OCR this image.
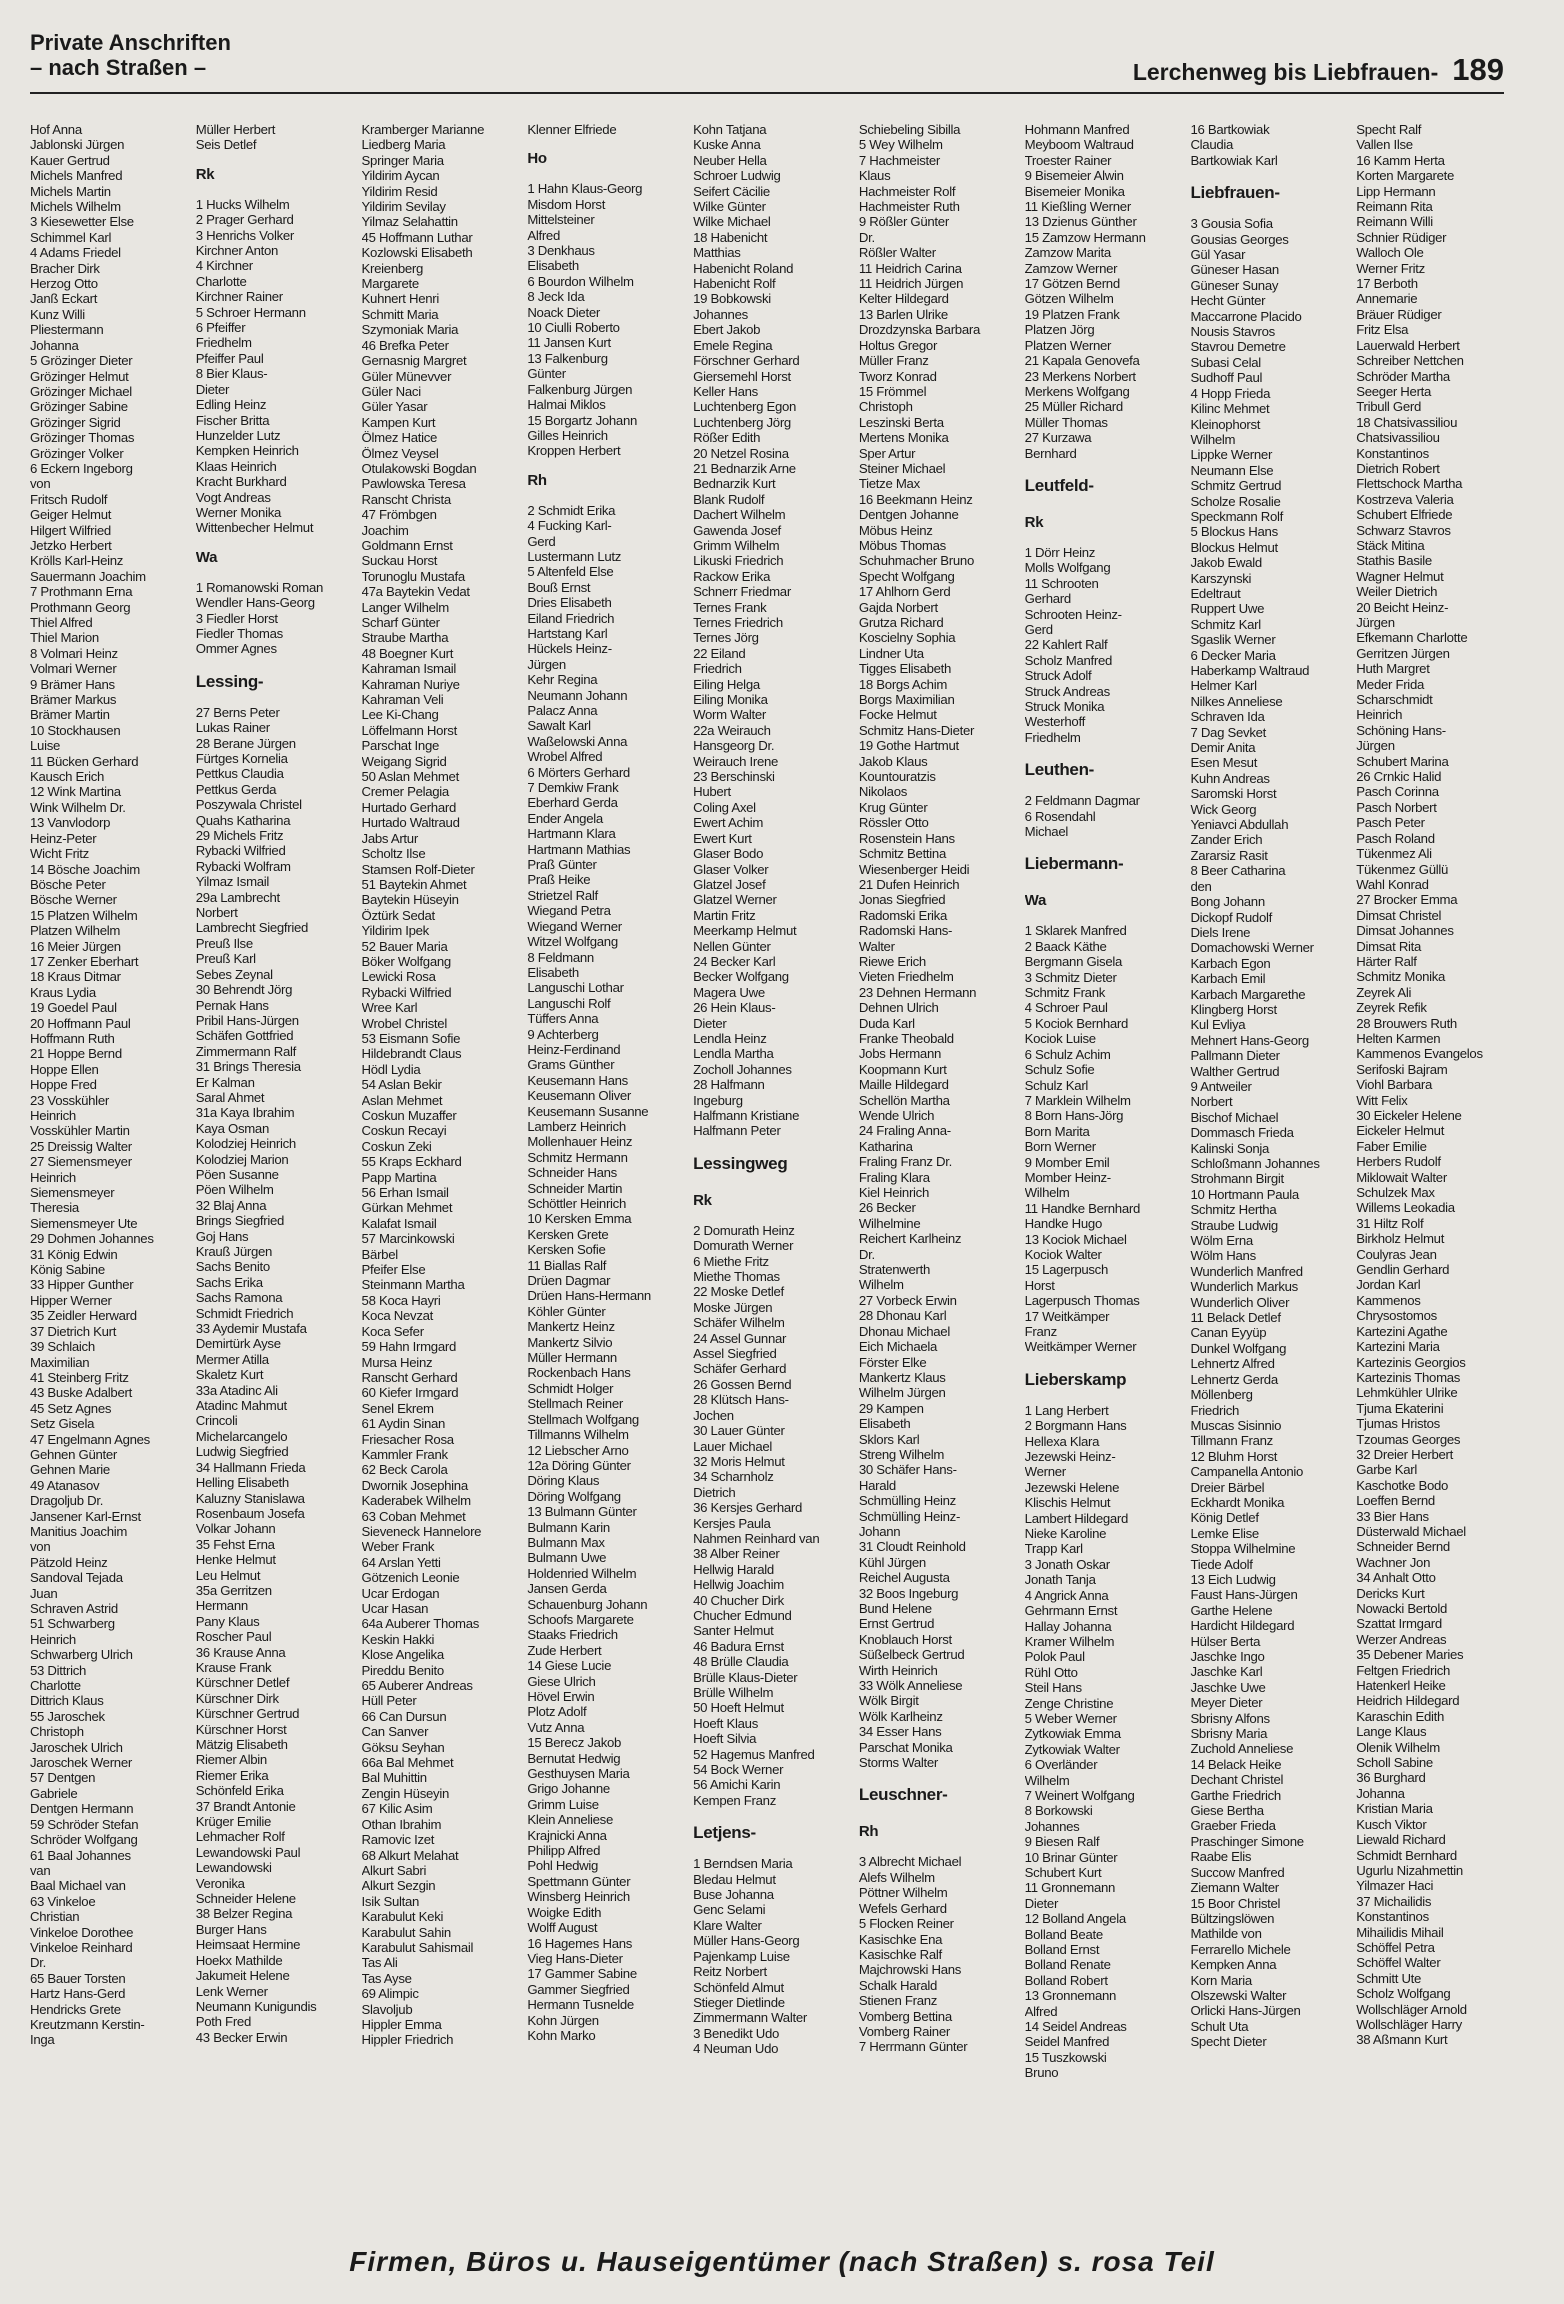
Private Anschriften
– nach Straßen –	Lerchenweg bis Liebfrauen- 189
Hof Anna
Jablonski Jürgen
Kauer Gertrud
Michels Manfred
Michels Martin
Michels Wilhelm
3 Kiesewetter Else
Schimmel Karl
4 Adams Friedel
Bracher Dirk
Herzog Otto
Janß Eckart
Kunz Willi
Pliestermann
Johanna
5 Grözinger Dieter
Grözinger Helmut
Grözinger Michael
Grözinger Sabine
Grözinger Sigrid
Grözinger Thomas
Grözinger Volker
6 Eckern Ingeborg
von
Fritsch Rudolf
Geiger Helmut
Hilgert Wilfried
Jetzko Herbert
Krölls Karl-Heinz
Sauermann Joachim
7 Prothmann Erna
Prothmann Georg
Thiel Alfred
Thiel Marion
8 Volmari Heinz
Volmari Werner
9 Brämer Hans
Brämer Markus
Brämer Martin
10 Stockhausen
Luise
11 Bücken Gerhard
Kausch Erich
12 Wink Martina
Wink Wilhelm Dr.
13 Vanvlodorp
Heinz-Peter
Wicht Fritz
14 Bösche Joachim
Bösche Peter
Bösche Werner
15 Platzen Wilhelm
Platzen Wilhelm
16 Meier Jürgen
17 Zenker Eberhart
18 Kraus Ditmar
Kraus Lydia
19 Goedel Paul
20 Hoffmann Paul
Hoffmann Ruth
21 Hoppe Bernd
Hoppe Ellen
Hoppe Fred
23 Vosskühler
Heinrich
Vosskühler Martin
25 Dreissig Walter
27 Siemensmeyer
Heinrich
Siemensmeyer
Theresia
Siemensmeyer Ute
29 Dohmen Johannes
31 König Edwin
König Sabine
33 Hipper Gunther
Hipper Werner
35 Zeidler Herward
37 Dietrich Kurt
39 Schlaich
Maximilian
41 Steinberg Fritz
43 Buske Adalbert
45 Setz Agnes
Setz Gisela
47 Engelmann Agnes
Gehnen Günter
Gehnen Marie
49 Atanasov
Dragoljub Dr.
Jansener Karl-Ernst
Manitius Joachim
von
Pätzold Heinz
Sandoval Tejada
Juan
Schraven Astrid
51 Schwarberg
Heinrich
Schwarberg Ulrich
53 Dittrich
Charlotte
Dittrich Klaus
55 Jaroschek
Christoph
Jaroschek Ulrich
Jaroschek Werner
57 Dentgen
Gabriele
Dentgen Hermann
59 Schröder Stefan
Schröder Wolfgang
61 Baal Johannes
van
Baal Michael van
63 Vinkeloe
Christian
Vinkeloe Dorothee
Vinkeloe Reinhard
Dr.
65 Bauer Torsten
Hartz Hans-Gerd
Hendricks Grete
Kreutzmann Kerstin-
Inga
Müller Herbert
Seis Detlef
Rk
1 Hucks Wilhelm
2 Prager Gerhard
3 Henrichs Volker
Kirchner Anton
4 Kirchner
Charlotte
Kirchner Rainer
5 Schroer Hermann
6 Pfeiffer
Friedhelm
Pfeiffer Paul
8 Bier Klaus-
Dieter
Edling Heinz
Fischer Britta
Hunzelder Lutz
Kempken Heinrich
Klaas Heinrich
Kracht Burkhard
Vogt Andreas
Werner Monika
Wittenbecher Helmut
Wa
1 Romanowski Roman
Wendler Hans-Georg
3 Fiedler Horst
Fiedler Thomas
Ommer Agnes
Lessing-
27 Berns Peter
Lukas Rainer
28 Berane Jürgen
Fürtges Kornelia
Pettkus Claudia
Pettkus Gerda
Poszywala Christel
Quahs Katharina
29 Michels Fritz
Rybacki Wilfried
Rybacki Wolfram
Yilmaz Ismail
29a Lambrecht
Norbert
Lambrecht Siegfried
Preuß Ilse
Preuß Karl
Sebes Zeynal
30 Behrendt Jörg
Pernak Hans
Pribil Hans-Jürgen
Schäfen Gottfried
Zimmermann Ralf
31 Brings Theresia
Er Kalman
Saral Ahmet
31a Kaya Ibrahim
Kaya Osman
Kolodziej Heinrich
Kolodziej Marion
Pöen Susanne
Pöen Wilhelm
32 Blaj Anna
Brings Siegfried
Goj Hans
Krauß Jürgen
Sachs Benito
Sachs Erika
Sachs Ramona
Schmidt Friedrich
33 Aydemir Mustafa
Demirtürk Ayse
Mermer Atilla
Skaletz Kurt
33a Atadinc Ali
Atadinc Mahmut
Crincoli
Michelarcangelo
Ludwig Siegfried
34 Hallmann Frieda
Helling Elisabeth
Kaluzny Stanislawa
Rosenbaum Josefa
Volkar Johann
35 Fehst Erna
Henke Helmut
Leu Helmut
35a Gerritzen
Hermann
Pany Klaus
Roscher Paul
36 Krause Anna
Krause Frank
Kürschner Detlef
Kürschner Dirk
Kürschner Gertrud
Kürschner Horst
Mätzig Elisabeth
Riemer Albin
Riemer Erika
Schönfeld Erika
37 Brandt Antonie
Krüger Emilie
Lehmacher Rolf
Lewandowski Paul
Lewandowski
Veronika
Schneider Helene
38 Belzer Regina
Burger Hans
Heimsaat Hermine
Hoekx Mathilde
Jakumeit Helene
Lenk Werner
Neumann Kunigundis
Poth Fred
43 Becker Erwin
Kramberger Marianne
Liedberg Maria
Springer Maria
Yildirim Aycan
Yildirim Resid
Yildirim Sevilay
Yilmaz Selahattin
45 Hoffmann Luthar
Kozlowski Elisabeth
Kreienberg
Margarete
Kuhnert Henri
Schmitt Maria
Szymoniak Maria
46 Brefka Peter
Gernasnig Margret
Güler Münevver
Güler Naci
Güler Yasar
Kampen Kurt
Ölmez Hatice
Ölmez Veysel
Otulakowski Bogdan
Pawlowska Teresa
Ranscht Christa
47 Frömbgen
Joachim
Goldmann Ernst
Suckau Horst
Torunoglu Mustafa
47a Baytekin Vedat
Langer Wilhelm
Scharf Günter
Straube Martha
48 Boegner Kurt
Kahraman Ismail
Kahraman Nuriye
Kahraman Veli
Lee Ki-Chang
Löffelmann Horst
Parschat Inge
Weigang Sigrid
50 Aslan Mehmet
Cremer Pelagia
Hurtado Gerhard
Hurtado Waltraud
Jabs Artur
Scholtz Ilse
Stamsen Rolf-Dieter
51 Baytekin Ahmet
Baytekin Hüseyin
Öztürk Sedat
Yildirim Ipek
52 Bauer Maria
Böker Wolfgang
Lewicki Rosa
Rybacki Wilfried
Wree Karl
Wrobel Christel
53 Eismann Sofie
Hildebrandt Claus
Hödl Lydia
54 Aslan Bekir
Aslan Mehmet
Coskun Muzaffer
Coskun Recayi
Coskun Zeki
55 Kraps Eckhard
Papp Martina
56 Erhan Ismail
Gürkan Mehmet
Kalafat Ismail
57 Marcinkowski
Bärbel
Pfeifer Else
Steinmann Martha
58 Koca Hayri
Koca Nevzat
Koca Sefer
59 Hahn Irmgard
Mursa Heinz
Ranscht Gerhard
60 Kiefer Irmgard
Senel Ekrem
61 Aydin Sinan
Friesacher Rosa
Kammler Frank
62 Beck Carola
Dwornik Josephina
Kaderabek Wilhelm
63 Coban Mehmet
Sieveneck Hannelore
Weber Frank
64 Arslan Yetti
Götzenich Leonie
Ucar Erdogan
Ucar Hasan
64a Auberer Thomas
Keskin Hakki
Klose Angelika
Pireddu Benito
65 Auberer Andreas
Hüll Peter
66 Can Dursun
Can Sanver
Göksu Seyhan
66a Bal Mehmet
Bal Muhittin
Zengin Hüseyin
67 Kilic Asim
Othan Ibrahim
Ramovic Izet
68 Alkurt Melahat
Alkurt Sabri
Alkurt Sezgin
Isik Sultan
Karabulut Keki
Karabulut Sahin
Karabulut Sahismail
Tas Ali
Tas Ayse
69 Alimpic
Slavoljub
Hippler Emma
Hippler Friedrich
Klenner Elfriede
Ho
1 Hahn Klaus-Georg
Misdom Horst
Mittelsteiner
Alfred
3 Denkhaus
Elisabeth
6 Bourdon Wilhelm
8 Jeck Ida
Noack Dieter
10 Ciulli Roberto
11 Jansen Kurt
13 Falkenburg
Günter
Falkenburg Jürgen
Halmai Miklos
15 Borgartz Johann
Gilles Heinrich
Kroppen Herbert
Rh
2 Schmidt Erika
4 Fucking Karl-
Gerd
Lustermann Lutz
5 Altenfeld Else
Bouß Ernst
Dries Elisabeth
Eiland Friedrich
Hartstang Karl
Hückels Heinz-
Jürgen
Kehr Regina
Neumann Johann
Palacz Anna
Sawalt Karl
Waßelowski Anna
Wrobel Alfred
6 Mörters Gerhard
7 Demkiw Frank
Eberhard Gerda
Ender Angela
Hartmann Klara
Hartmann Mathias
Praß Günter
Praß Heike
Strietzel Ralf
Wiegand Petra
Wiegand Werner
Witzel Wolfgang
8 Feldmann
Elisabeth
Languschi Lothar
Languschi Rolf
Tüffers Anna
9 Achterberg
Heinz-Ferdinand
Grams Günther
Keusemann Hans
Keusemann Oliver
Keusemann Susanne
Lamberz Heinrich
Mollenhauer Heinz
Schmitz Hermann
Schneider Hans
Schneider Martin
Schöttler Heinrich
10 Kersken Emma
Kersken Grete
Kersken Sofie
11 Biallas Ralf
Drüen Dagmar
Drüen Hans-Hermann
Köhler Günter
Mankertz Heinz
Mankertz Silvio
Müller Hermann
Rockenbach Hans
Schmidt Holger
Stellmach Reiner
Stellmach Wolfgang
Tillmanns Wilhelm
12 Liebscher Arno
12a Döring Günter
Döring Klaus
Döring Wolfgang
13 Bulmann Günter
Bulmann Karin
Bulmann Max
Bulmann Uwe
Holdenried Wilhelm
Jansen Gerda
Schauenburg Johann
Schoofs Margarete
Staaks Friedrich
Zude Herbert
14 Giese Lucie
Giese Ulrich
Hövel Erwin
Plotz Adolf
Vutz Anna
15 Berecz Jakob
Bernutat Hedwig
Gesthuysen Maria
Grigo Johanne
Grimm Luise
Klein Anneliese
Krajnicki Anna
Philipp Alfred
Pohl Hedwig
Spettmann Günter
Winsberg Heinrich
Woigke Edith
Wolff August
16 Hagemes Hans
Vieg Hans-Dieter
17 Gammer Sabine
Gammer Siegfried
Hermann Tusnelde
Kohn Jürgen
Kohn Marko
Kohn Tatjana
Kuske Anna
Neuber Hella
Schroer Ludwig
Seifert Cäcilie
Wilke Günter
Wilke Michael
18 Habenicht
Matthias
Habenicht Roland
Habenicht Rolf
19 Bobkowski
Johannes
Ebert Jakob
Emele Regina
Förschner Gerhard
Giersemehl Horst
Keller Hans
Luchtenberg Egon
Luchtenberg Jörg
Rößer Edith
20 Netzel Rosina
21 Bednarzik Arne
Bednarzik Kurt
Blank Rudolf
Dachert Wilhelm
Gawenda Josef
Grimm Wilhelm
Likuski Friedrich
Rackow Erika
Schnerr Friedmar
Ternes Frank
Ternes Friedrich
Ternes Jörg
22 Eiland
Friedrich
Eiling Helga
Eiling Monika
Worm Walter
22a Weirauch
Hansgeorg Dr.
Weirauch Irene
23 Berschinski
Hubert
Coling Axel
Ewert Achim
Ewert Kurt
Glaser Bodo
Glaser Volker
Glatzel Josef
Glatzel Werner
Martin Fritz
Meerkamp Helmut
Nellen Günter
24 Becker Karl
Becker Wolfgang
Magera Uwe
26 Hein Klaus-
Dieter
Lendla Heinz
Lendla Martha
Zocholl Johannes
28 Halfmann
Ingeburg
Halfmann Kristiane
Halfmann Peter
Lessingweg
Rk
2 Domurath Heinz
Domurath Werner
6 Miethe Fritz
Miethe Thomas
22 Moske Detlef
Moske Jürgen
Schäfer Wilhelm
24 Assel Gunnar
Assel Siegfried
Schäfer Gerhard
26 Gossen Bernd
28 Klütsch Hans-
Jochen
30 Lauer Günter
Lauer Michael
32 Moris Helmut
34 Scharnholz
Dietrich
36 Kersjes Gerhard
Kersjes Paula
Nahmen Reinhard van
38 Alber Reiner
Hellwig Harald
Hellwig Joachim
40 Chucher Dirk
Chucher Edmund
Santer Helmut
46 Badura Ernst
48 Brülle Claudia
Brülle Klaus-Dieter
Brülle Wilhelm
50 Hoeft Helmut
Hoeft Klaus
Hoeft Silvia
52 Hagemus Manfred
54 Bock Werner
56 Amichi Karin
Kempen Franz
Letjens-
1 Berndsen Maria
Bledau Helmut
Buse Johanna
Genc Selami
Klare Walter
Müller Hans-Georg
Pajenkamp Luise
Reitz Norbert
Schönfeld Almut
Stieger Dietlinde
Zimmermann Walter
3 Benedikt Udo
4 Neuman Udo
Schiebeling Sibilla
5 Wey Wilhelm
7 Hachmeister
Klaus
Hachmeister Rolf
Hachmeister Ruth
9 Rößler Günter
Dr.
Rößler Walter
11 Heidrich Carina
11 Heidrich Jürgen
Kelter Hildegard
13 Barlen Ulrike
Drozdzynska Barbara
Holtus Gregor
Müller Franz
Tworz Konrad
15 Frömmel
Christoph
Leszinski Berta
Mertens Monika
Sper Artur
Steiner Michael
Tietze Max
16 Beekmann Heinz
Dentgen Johanne
Möbus Heinz
Möbus Thomas
Schuhmacher Bruno
Specht Wolfgang
17 Ahlhorn Gerd
Gajda Norbert
Grutza Richard
Koscielny Sophia
Lindner Uta
Tigges Elisabeth
18 Borgs Achim
Borgs Maximilian
Focke Helmut
Schmitz Hans-Dieter
19 Gothe Hartmut
Jakob Klaus
Kountouratzis
Nikolaos
Krug Günter
Rössler Otto
Rosenstein Hans
Schmitz Bettina
Wiesenberger Heidi
21 Dufen Heinrich
Jonas Siegfried
Radomski Erika
Radomski Hans-
Walter
Riewe Erich
Vieten Friedhelm
23 Dehnen Hermann
Dehnen Ulrich
Duda Karl
Franke Theobald
Jobs Hermann
Koopmann Kurt
Maille Hildegard
Schellön Martha
Wende Ulrich
24 Fraling Anna-
Katharina
Fraling Franz Dr.
Fraling Klara
Kiel Heinrich
26 Becker
Wilhelmine
Reichert Karlheinz
Dr.
Stratenwerth
Wilhelm
27 Vorbeck Erwin
28 Dhonau Karl
Dhonau Michael
Eich Michaela
Förster Elke
Mankertz Klaus
Wilhelm Jürgen
29 Kampen
Elisabeth
Sklors Karl
Streng Wilhelm
30 Schäfer Hans-
Harald
Schmülling Heinz
Schmülling Heinz-
Johann
31 Cloudt Reinhold
Kühl Jürgen
Reichel Augusta
32 Boos Ingeburg
Bund Helene
Ernst Gertrud
Knoblauch Horst
Süßelbeck Gertrud
Wirth Heinrich
33 Wölk Anneliese
Wölk Birgit
Wölk Karlheinz
34 Esser Hans
Parschat Monika
Storms Walter
Leuschner-
Rh
3 Albrecht Michael
Alefs Wilhelm
Pöttner Wilhelm
Wefels Gerhard
5 Flocken Reiner
Kasischke Ena
Kasischke Ralf
Majchrowski Hans
Schalk Harald
Stienen Franz
Vomberg Bettina
Vomberg Rainer
7 Herrmann Günter
Hohmann Manfred
Meyboom Waltraud
Troester Rainer
9 Bisemeier Alwin
Bisemeier Monika
11 Kießling Werner
13 Dzienus Günther
15 Zamzow Hermann
Zamzow Marita
Zamzow Werner
17 Götzen Bernd
Götzen Wilhelm
19 Platzen Frank
Platzen Jörg
Platzen Werner
21 Kapala Genovefa
23 Merkens Norbert
Merkens Wolfgang
25 Müller Richard
Müller Thomas
27 Kurzawa
Bernhard
Leutfeld-
Rk
1 Dörr Heinz
Molls Wolfgang
11 Schrooten
Gerhard
Schrooten Heinz-
Gerd
22 Kahlert Ralf
Scholz Manfred
Struck Adolf
Struck Andreas
Struck Monika
Westerhoff
Friedhelm
Leuthen-
2 Feldmann Dagmar
6 Rosendahl
Michael
Liebermann-
Wa
1 Sklarek Manfred
2 Baack Käthe
Bergmann Gisela
3 Schmitz Dieter
Schmitz Frank
4 Schroer Paul
5 Kociok Bernhard
Kociok Luise
6 Schulz Achim
Schulz Sofie
Schulz Karl
7 Marklein Wilhelm
8 Born Hans-Jörg
Born Marita
Born Werner
9 Momber Emil
Momber Heinz-
Wilhelm
11 Handke Bernhard
Handke Hugo
13 Kociok Michael
Kociok Walter
15 Lagerpusch
Horst
Lagerpusch Thomas
17 Weitkämper
Franz
Weitkämper Werner
Lieberskamp
1 Lang Herbert
2 Borgmann Hans
Hellexa Klara
Jezewski Heinz-
Werner
Jezewski Helene
Klischis Helmut
Lambert Hildegard
Nieke Karoline
Trapp Karl
3 Jonath Oskar
Jonath Tanja
4 Angrick Anna
Gehrmann Ernst
Hallay Johanna
Kramer Wilhelm
Polok Paul
Rühl Otto
Steil Hans
Zenge Christine
5 Weber Werner
Zytkowiak Emma
Zytkowiak Walter
6 Overländer
Wilhelm
7 Weinert Wolfgang
8 Borkowski
Johannes
9 Biesen Ralf
10 Brinar Günter
Schubert Kurt
11 Gronnemann
Dieter
12 Bolland Angela
Bolland Beate
Bolland Ernst
Bolland Renate
Bolland Robert
13 Gronnemann
Alfred
14 Seidel Andreas
Seidel Manfred
15 Tuszkowski
Bruno
16 Bartkowiak
Claudia
Bartkowiak Karl
Liebfrauen-
3 Gousia Sofia
Gousias Georges
Gül Yasar
Güneser Hasan
Güneser Sunay
Hecht Günter
Maccarrone Placido
Nousis Stavros
Stavrou Demetre
Subasi Celal
Sudhoff Paul
4 Hopp Frieda
Kilinc Mehmet
Kleinophorst
Wilhelm
Lippke Werner
Neumann Else
Schmitz Gertrud
Scholze Rosalie
Speckmann Rolf
5 Blockus Hans
Blockus Helmut
Jakob Ewald
Karszynski
Edeltraut
Ruppert Uwe
Schmitz Karl
Sgaslik Werner
6 Decker Maria
Haberkamp Waltraud
Helmer Karl
Nilkes Anneliese
Schraven Ida
7 Dag Sevket
Demir Anita
Esen Mesut
Kuhn Andreas
Saromski Horst
Wick Georg
Yeniavci Abdullah
Zander Erich
Zararsiz Rasit
8 Beer Catharina
den
Bong Johann
Dickopf Rudolf
Diels Irene
Domachowski Werner
Karbach Egon
Karbach Emil
Karbach Margarethe
Klingberg Horst
Kul Evliya
Mehnert Hans-Georg
Pallmann Dieter
Walther Gertrud
9 Antweiler
Norbert
Bischof Michael
Dommasch Frieda
Kalinski Sonja
Schloßmann Johannes
Strohmann Birgit
10 Hortmann Paula
Schmitz Hertha
Straube Ludwig
Wölm Erna
Wölm Hans
Wunderlich Manfred
Wunderlich Markus
Wunderlich Oliver
11 Belack Detlef
Canan Eyyüp
Dunkel Wolfgang
Lehnertz Alfred
Lehnertz Gerda
Möllenberg
Friedrich
Muscas Sisinnio
Tillmann Franz
12 Bluhm Horst
Campanella Antonio
Dreier Bärbel
Eckhardt Monika
König Detlef
Lemke Elise
Stoppa Wilhelmine
Tiede Adolf
13 Eich Ludwig
Faust Hans-Jürgen
Garthe Helene
Hardicht Hildegard
Hülser Berta
Jaschke Ingo
Jaschke Karl
Jaschke Uwe
Meyer Dieter
Sbrisny Alfons
Sbrisny Maria
Zuchold Anneliese
14 Belack Heike
Dechant Christel
Garthe Friedrich
Giese Bertha
Graeber Frieda
Praschinger Simone
Raabe Elis
Succow Manfred
Ziemann Walter
15 Boor Christel
Bültzingslöwen
Mathilde von
Ferrarello Michele
Kempken Anna
Korn Maria
Olszewski Walter
Orlicki Hans-Jürgen
Schult Uta
Specht Dieter
Specht Ralf
Vallen Ilse
16 Kamm Herta
Korten Margarete
Lipp Hermann
Reimann Rita
Reimann Willi
Schnier Rüdiger
Walloch Ole
Werner Fritz
17 Berboth
Annemarie
Bräuer Rüdiger
Fritz Elsa
Lauerwald Herbert
Schreiber Nettchen
Schröder Martha
Seeger Herta
Tribull Gerd
18 Chatsivassiliou
Chatsivassiliou
Konstantinos
Dietrich Robert
Flettschock Martha
Kostrzeva Valeria
Schubert Elfriede
Schwarz Stavros
Stäck Mitina
Stathis Basile
Wagner Helmut
Weiler Dietrich
20 Beicht Heinz-
Jürgen
Efkemann Charlotte
Gerritzen Jürgen
Huth Margret
Meder Frida
Scharschmidt
Heinrich
Schöning Hans-
Jürgen
Schubert Marina
26 Crnkic Halid
Pasch Corinna
Pasch Norbert
Pasch Peter
Pasch Roland
Tükenmez Ali
Tükenmez Güllü
Wahl Konrad
27 Brocker Emma
Dimsat Christel
Dimsat Johannes
Dimsat Rita
Härter Ralf
Schmitz Monika
Zeyrek Ali
Zeyrek Refik
28 Brouwers Ruth
Helten Karmen
Kammenos Evangelos
Serifoski Bajram
Viohl Barbara
Witt Felix
30 Eickeler Helene
Eickeler Helmut
Faber Emilie
Herbers Rudolf
Miklowait Walter
Schulzek Max
Willems Leokadia
31 Hiltz Rolf
Birkholz Helmut
Coulyras Jean
Gendlin Gerhard
Jordan Karl
Kammenos
Chrysostomos
Kartezini Agathe
Kartezini Maria
Kartezinis Georgios
Kartezinis Thomas
Lehmkühler Ulrike
Tjuma Ekaterini
Tjumas Hristos
Tzoumas Georges
32 Dreier Herbert
Garbe Karl
Kaschotke Bodo
Loeffen Bernd
33 Bier Hans
Düsterwald Michael
Schneider Bernd
Wachner Jon
34 Anhalt Otto
Dericks Kurt
Nowacki Bertold
Szattat Irmgard
Werzer Andreas
35 Debener Maries
Feltgen Friedrich
Hatenkerl Heike
Heidrich Hildegard
Karaschin Edith
Lange Klaus
Olenik Wilhelm
Scholl Sabine
36 Burghard
Johanna
Kristian Maria
Kusch Viktor
Liewald Richard
Schmidt Bernhard
Ugurlu Nizahmettin
Yilmazer Haci
37 Michailidis
Konstantinos
Mihailidis Mihail
Schöffel Petra
Schöffel Walter
Schmitt Ute
Scholz Wolfgang
Wollschläger Arnold
Wollschläger Harry
38 Aßmann Kurt
Firmen, Büros u. Hauseigentümer (nach Straßen) s. rosa Teil
